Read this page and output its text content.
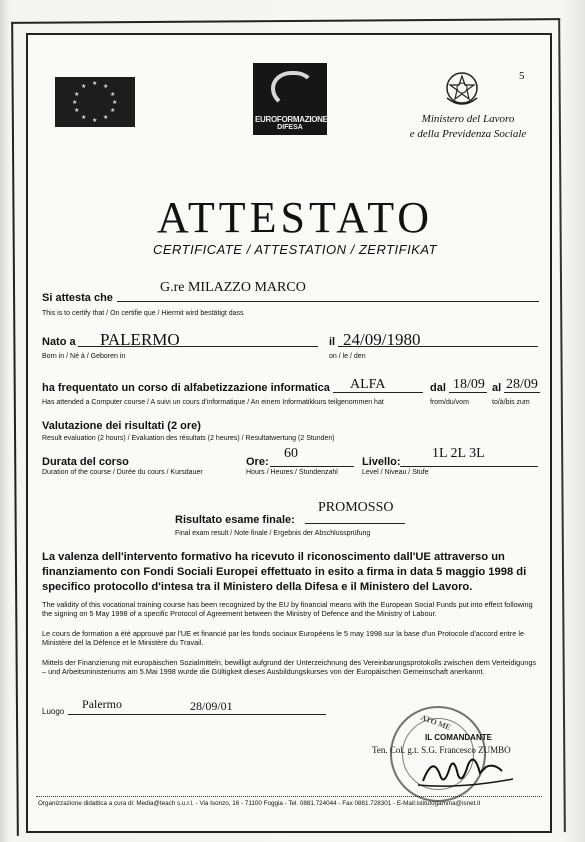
★ ★
★
★
★
★
★
★
★
★
★
★
EUROFORMAZIONE
DIFESA
5
Ministero del Lavoro
e della Previdenza Sociale
ATTESTATO
CERTIFICATE / ATTESTATION / ZERTIFIKAT
Si attesta che
G.re MILAZZO MARCO
This is to certify that / On certifie que / Hiermit wird bestätigt dass
Nato a PALERMO
Born in / Né à / Geboren in
il 24/09/1980
on / le / den
ha frequentato un corso di alfabetizzazione informatica ALFA	dal 18/09 al 28/09
Has attended a Computer course / A suivi un cours d'informatique / An einem Informatikkurs teilgenommen hat	from/du/vom	to/à/bis zum
Valutazione dei risultati (2 ore)
Result evaluation (2 hours) / Evaluation des résultats (2 heures) / Resultatwertung (2 Stunden)
Durata del corso
Duration of the course / Durée du cours / Kursdauer
Ore:
60
Hours / Heures / Stundenzahl
Livello:
1L 2L 3L
Level / Niveau / Stufe
Risultato esame finale:
PROMOSSO
Final exam result / Note finale / Ergebnis der Abschlussprüfung
La valenza dell'intervento formativo ha ricevuto il riconoscimento dall'UE attraverso un finanziamento con Fondi Sociali Europei effettuato in esito a firma in data 5 maggio 1998 di specifico protocollo d'intesa tra il Ministero della Difesa e il Ministero del Lavoro.
The validity of this vocational training course has been recognized by the EU by financial means with the European Social Funds put into effect following the signing on 5 May 1998 of a specific Protocol of Agreement between the Ministry of Defence and the Ministry of Labour.
Le cours de formation a été approuvé par l'UE et financié par les fonds sociaux Européens le 5 may 1998 sur la base d'un Protocole d'accord entre le Ministère del la Défence et le Ministère du Travail.
Mittels der Finanzierung mit europäischen Sozialmitteln, bewilligt aufgrund der Unterzeichnung des Vereinbarungsprotokolls zwischen dem Verteidigungs – und Arbeitsministeriums am 5.Mai 1998 wurde die Gültigkeit dieses Ausbildungskurses von der Europäischen Gemeinschaft anerkannt.
Luogo
Palermo	28/09/01
ATO ME
IL COMANDANTE
Ten. Col. g.t. S.G. Francesco ZUMBO
Organizzazione didattica a cura di: Media@teach s.u.r.l. - Via Isonzo, 16 - 71100 Foggia - Tel. 0881.724044 - Fax 0881.728301 - E-Mail:istitutogamma@isnet.it
